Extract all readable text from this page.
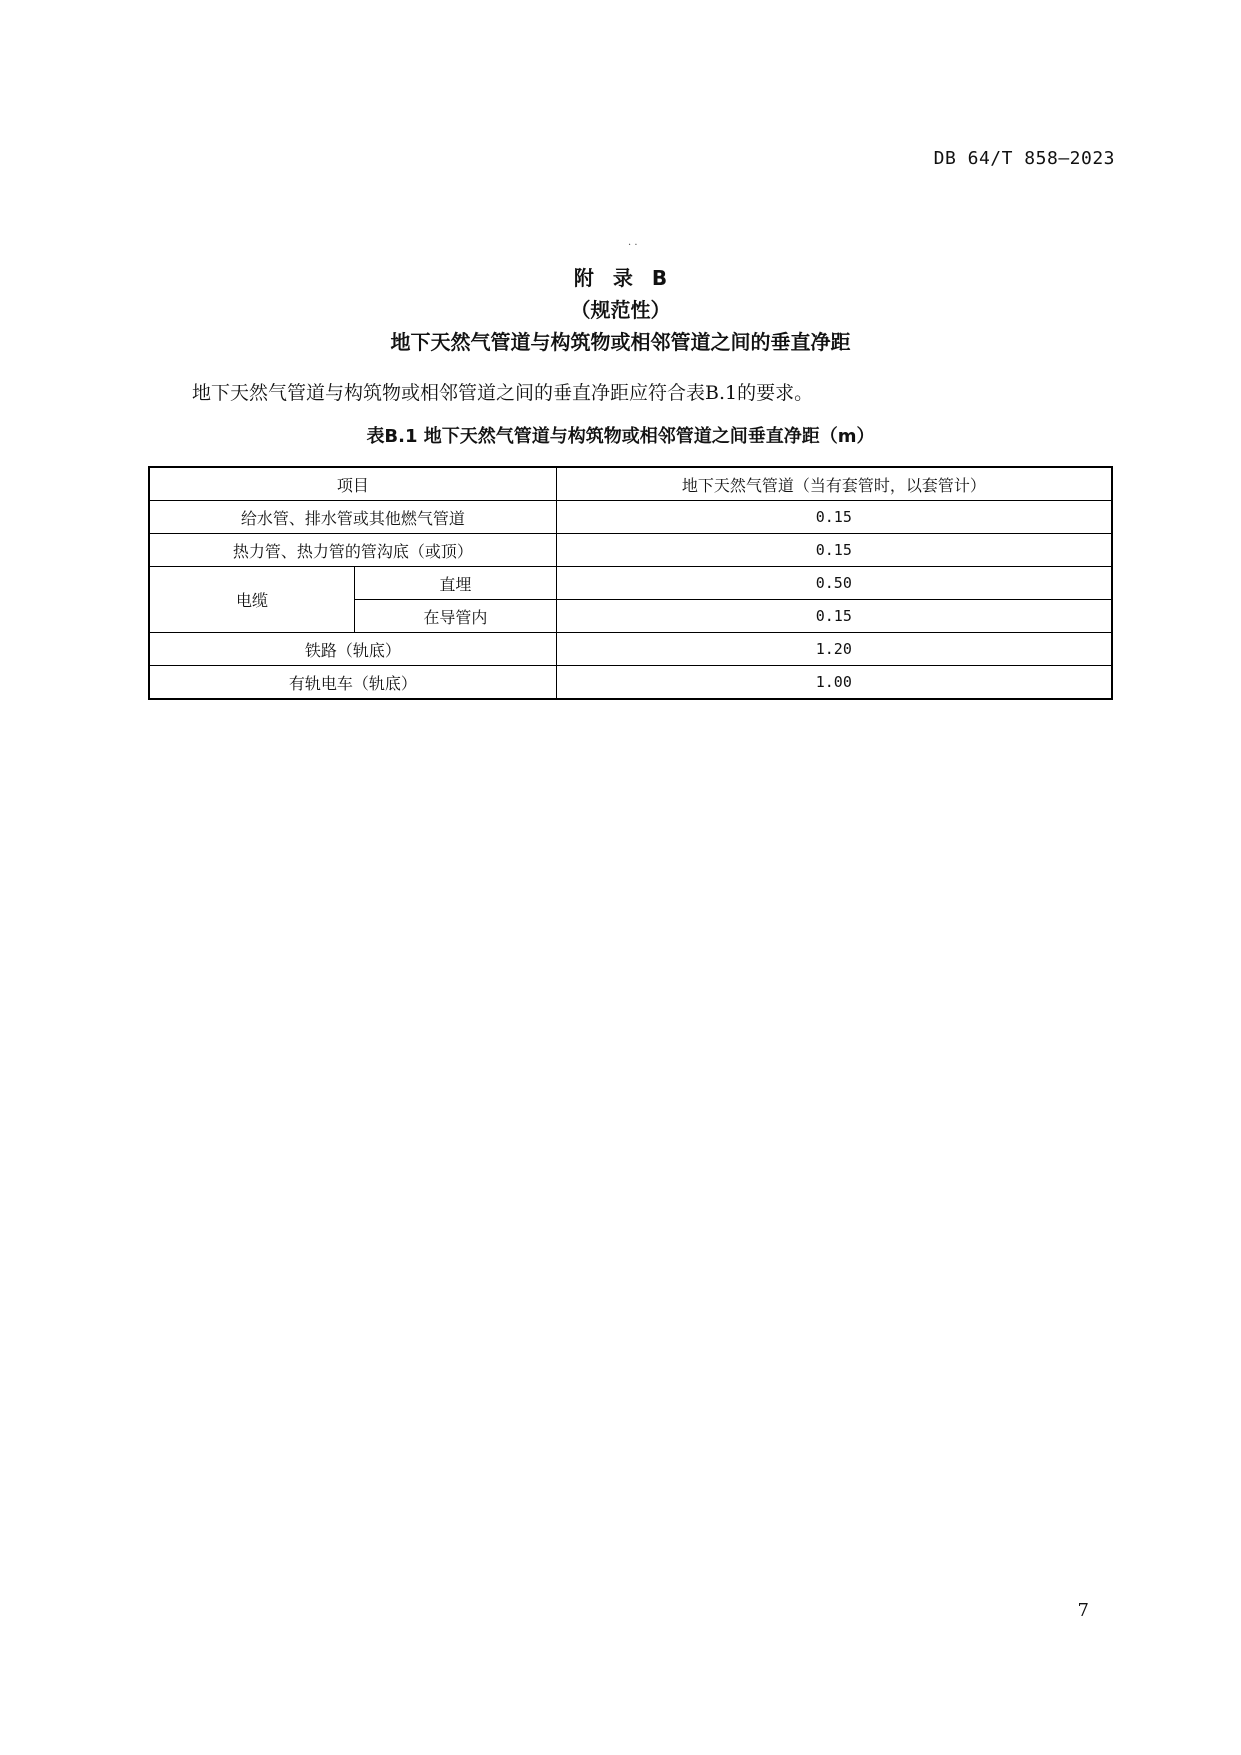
DB 64/T 858—2023
· ·
附 录 B
（规范性）
地下天然气管道与构筑物或相邻管道之间的垂直净距
地下天然气管道与构筑物或相邻管道之间的垂直净距应符合表B.1的要求。
表B.1 地下天然气管道与构筑物或相邻管道之间垂直净距（m）
项目		地下天然气管道（当有套管时，以套管计）
给水管、排水管或其他燃气管道		0.15
热力管、热力管的管沟底（或顶）		0.15
电缆	直埋	0.50
	在导管内	0.15
铁路（轨底）		1.20
有轨电车（轨底）		1.00
7
